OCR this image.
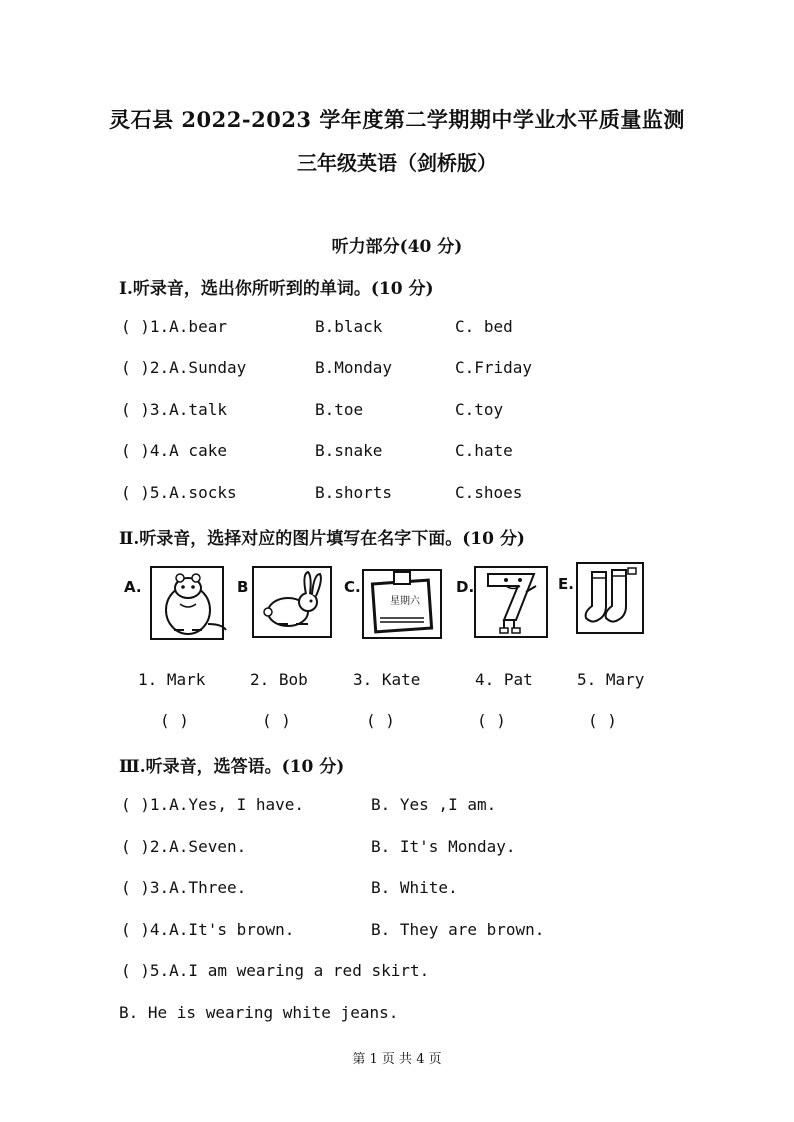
灵石县 2022-2023 学年度第二学期期中学业水平质量监测
三年级英语（剑桥版）
听力部分(40 分)
Ⅰ.听录音，选出你所听到的单词。(10 分)
( )1.A.bear	B.black	C. bed
( )2.A.Sunday	B.Monday	C.Friday
( )3.A.talk	B.toe	C.toy
( )4.A cake	B.snake	C.hate
( )5.A.socks	B.shorts	C.shoes
Ⅱ.听录音，选择对应的图片填写在名字下面。(10 分)
A.	B	C.
星期六
D.	E.
1. Mark	2. Bob	3. Kate	4. Pat	5. Mary
( )	( )	( )	( )	( )
Ⅲ.听录音，选答语。(10 分)
( )1.A.Yes, I have.	B. Yes ,I am.
( )2.A.Seven.	B. It's Monday.
( )3.A.Three.	B. White.
( )4.A.It's brown.	B. They are brown.
( )5.A.I am wearing a red skirt.
B. He is wearing white jeans.
第 1 页 共 4 页
